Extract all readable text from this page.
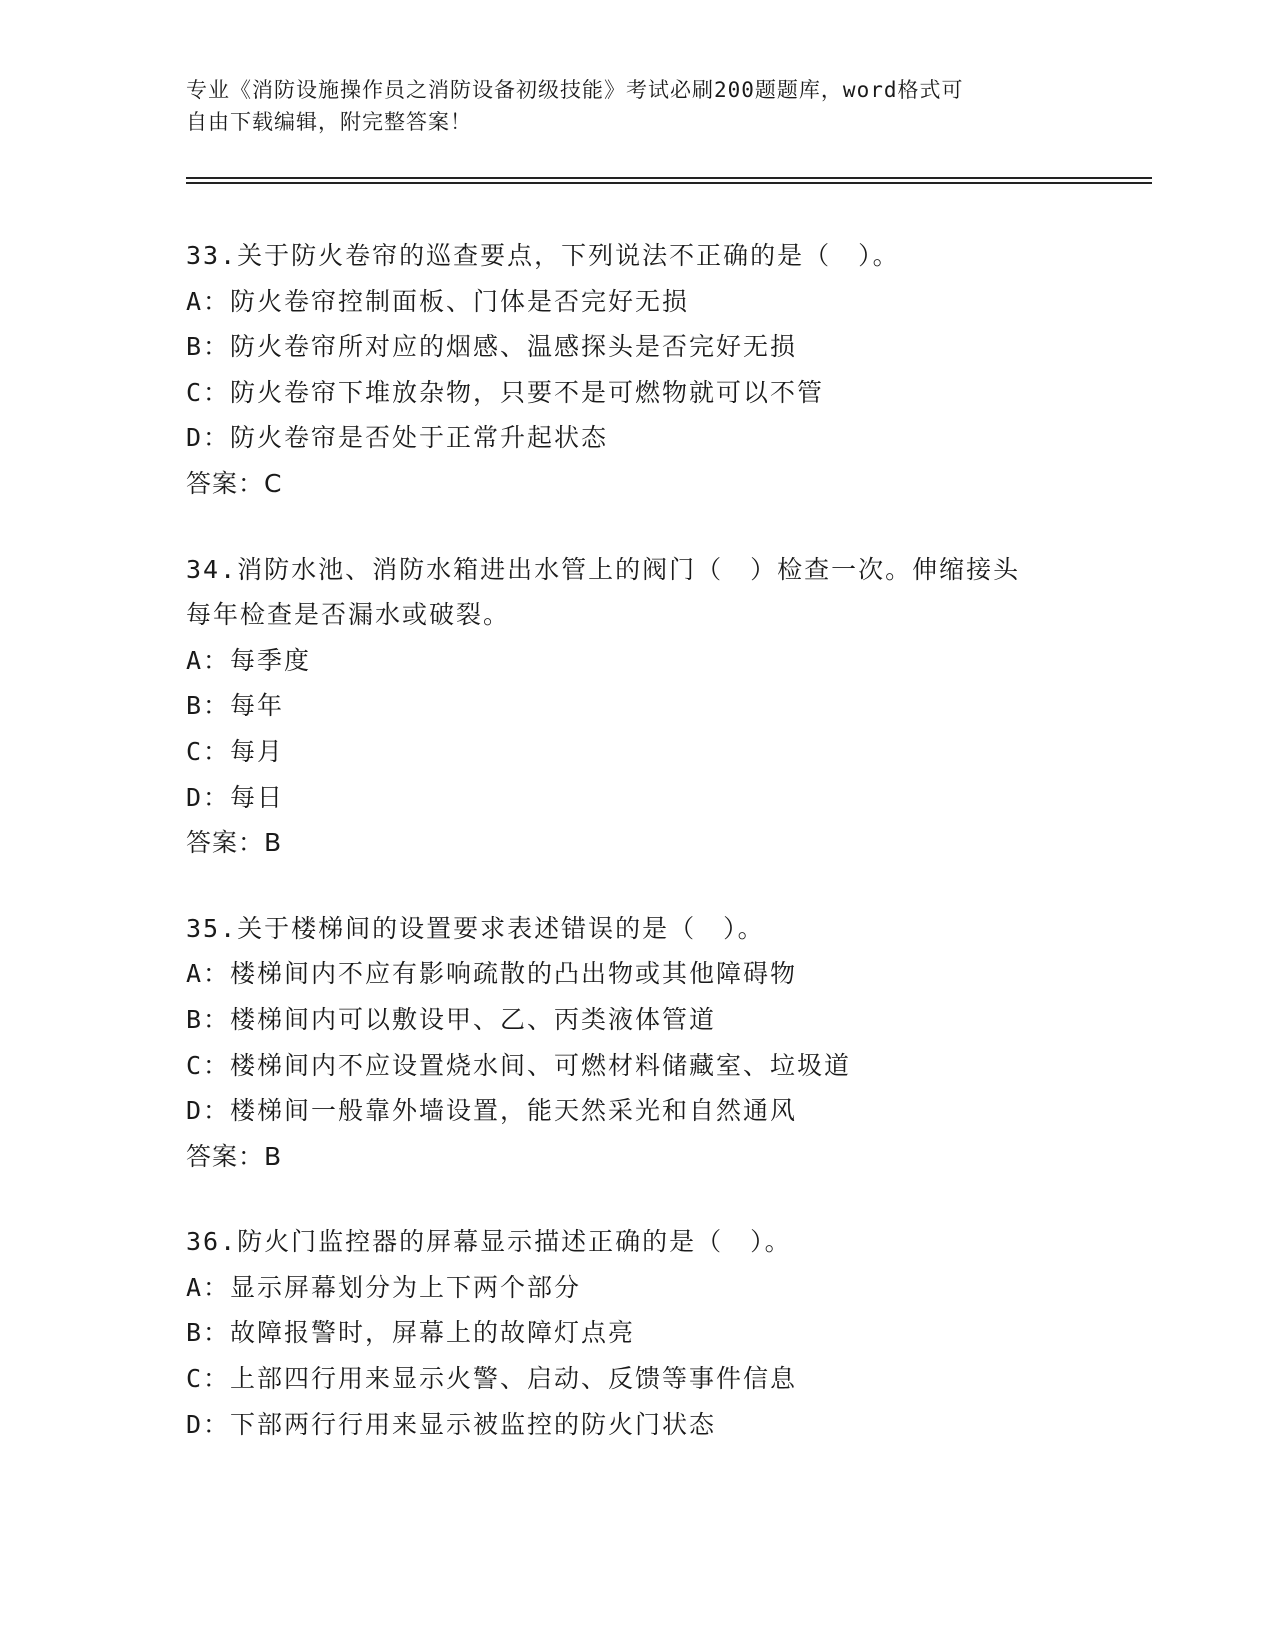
专业《消防设施操作员之消防设备初级技能》考试必刷200题题库，word格式可
自由下载编辑，附完整答案！
33.关于防火卷帘的巡查要点，下列说法不正确的是（　）。
A：防火卷帘控制面板、门体是否完好无损
B：防火卷帘所对应的烟感、温感探头是否完好无损
C：防火卷帘下堆放杂物，只要不是可燃物就可以不管
D：防火卷帘是否处于正常升起状态
答案：C
34.消防水池、消防水箱进出水管上的阀门（　）检查一次。伸缩接头
每年检查是否漏水或破裂。
A：每季度
B：每年
C：每月
D：每日
答案：B
35.关于楼梯间的设置要求表述错误的是（　）。
A：楼梯间内不应有影响疏散的凸出物或其他障碍物
B：楼梯间内可以敷设甲、乙、丙类液体管道
C：楼梯间内不应设置烧水间、可燃材料储藏室、垃圾道
D：楼梯间一般靠外墙设置，能天然采光和自然通风
答案：B
36.防火门监控器的屏幕显示描述正确的是（　）。
A：显示屏幕划分为上下两个部分
B：故障报警时，屏幕上的故障灯点亮
C：上部四行用来显示火警、启动、反馈等事件信息
D：下部两行行用来显示被监控的防火门状态
